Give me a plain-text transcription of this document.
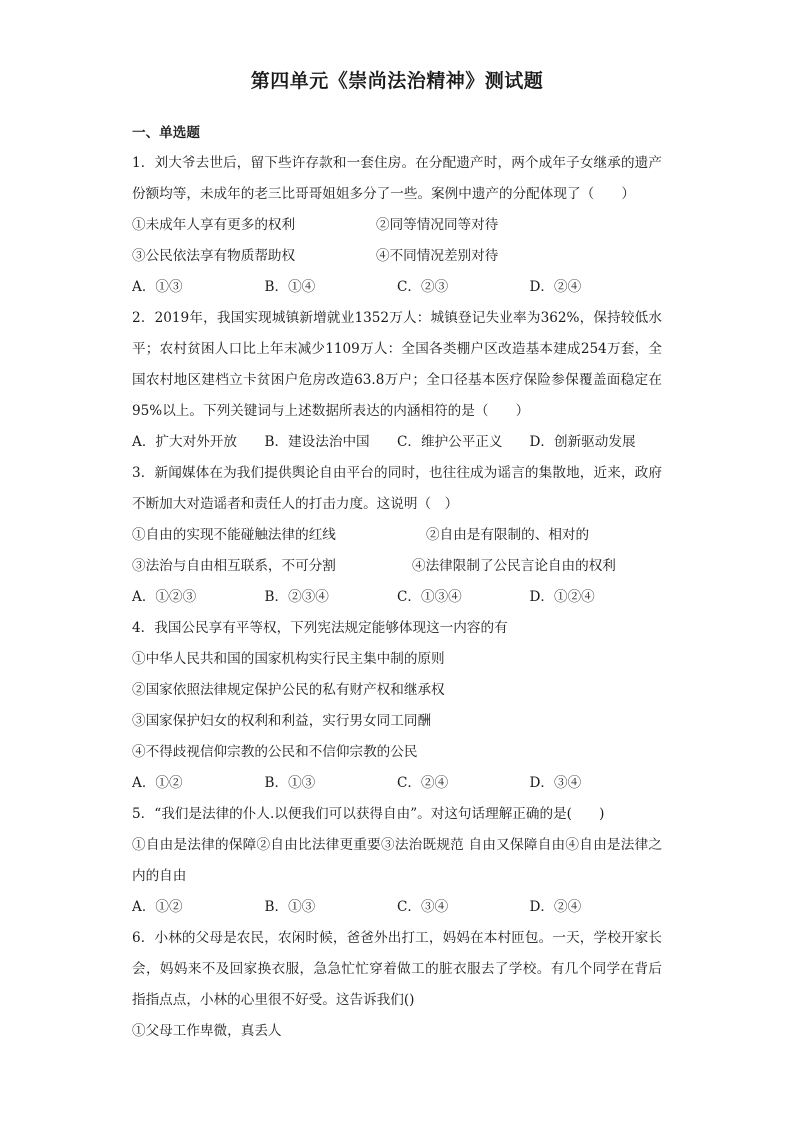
第四单元《崇尚法治精神》测试题
一、单选题
1．刘大爷去世后，留下些许存款和一套住房。在分配遗产时，两个成年子女继承的遗产份额均等，未成年的老三比哥哥姐姐多分了一些。案例中遗产的分配体现了（　　）
①未成年人享有更多的权利	②同等情况同等对待
③公民依法享有物质帮助权	④不同情况差别对待
A．①③	B．①④	C．②③	D．②④
2．2019年，我国实现城镇新增就业1352万人：城镇登记失业率为362%，保持较低水平；农村贫困人口比上年末减少1109万人：全国各类棚户区改造基本建成254万套，全国农村地区建档立卡贫困户危房改造63.8万户；全口径基本医疗保险参保覆盖面稳定在95%以上。下列关键词与上述数据所表达的内涵相符的是（　　）
A．扩大对外开放	B．建设法治中国	C．维护公平正义	D．创新驱动发展
3．新闻媒体在为我们提供舆论自由平台的同时，也往往成为谣言的集散地，近来，政府不断加大对造谣者和责任人的打击力度。这说明（　）
①自由的实现不能碰触法律的红线	②自由是有限制的、相对的
③法治与自由相互联系，不可分割	④法律限制了公民言论自由的权利
A．①②③	B．②③④	C．①③④	D．①②④
4．我国公民享有平等权，下列宪法规定能够体现这一内容的有
①中华人民共和国的国家机构实行民主集中制的原则
②国家依照法律规定保护公民的私有财产权和继承权
③国家保护妇女的权利和利益，实行男女同工同酬
④不得歧视信仰宗教的公民和不信仰宗教的公民
A．①②	B．①③	C．②④	D．③④
5．“我们是法律的仆人.以便我们可以获得自由”。对这句话理解正确的是(　　)
①自由是法律的保障②自由比法律更重要③法治既规范 自由又保障自由④自由是法律之内的自由
A．①②	B．①③	C．③④	D．②④
6．小林的父母是农民，农闲时候，爸爸外出打工，妈妈在本村匝包。一天，学校开家长会，妈妈来不及回家换衣服，急急忙忙穿着做工的脏衣服去了学校。有几个同学在背后指指点点，小林的心里很不好受。这告诉我们()
①父母工作卑微，真丢人
